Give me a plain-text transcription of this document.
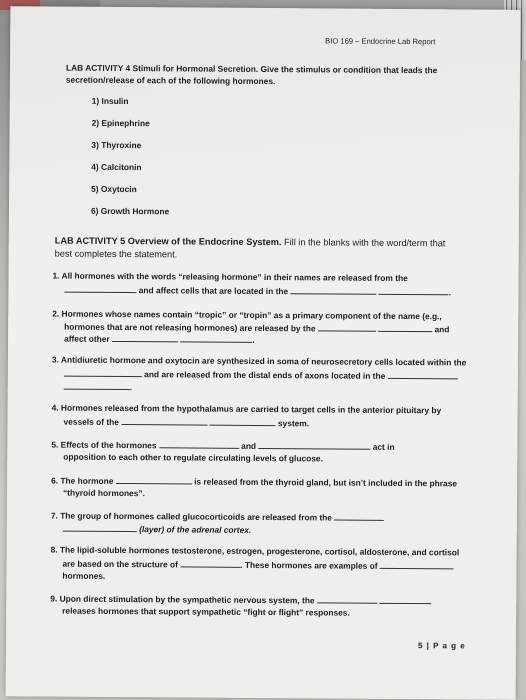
BIO 169 – Endocrine Lab Report
LAB ACTIVITY 4 Stimuli for Hormonal Secretion. Give the stimulus or condition that leads the
secretion/release of each of the following hormones.
1) Insulin
2) Epinephrine
3) Thyroxine
4) Calcitonin
5) Oxytocin
6) Growth Hormone
LAB ACTIVITY 5 Overview of the Endocrine System. Fill in the blanks with the word/term that
best completes the statement.
1. All hormones with the words “releasing hormone” in their names are released from the
and affect cells that are located in the	.
2. Hormones whose names contain “tropic” or “tropin” as a primary component of the name (e.g.,
hormones that are not releasing hormones) are released by the	and
affect other	.
3. Antidiuretic hormone and oxytocin are synthesized in soma of neurosecretory cells located within the
and are released from the distal ends of axons located in the
.
4. Hormones released from the hypothalamus are carried to target cells in the anterior pituitary by
vessels of the	system.
5. Effects of the hormones	and	act in
opposition to each other to regulate circulating levels of glucose.
6. The hormone	is released from the thyroid gland, but isn’t included in the phrase
“thyroid hormones”.
7. The group of hormones called glucocorticoids are released from the
(layer) of the adrenal cortex.
8. The lipid-soluble hormones testosterone, estrogen, progesterone, cortisol, aldosterone, and cortisol
are based on the structure of	. These hormones are examples of
hormones.
9. Upon direct stimulation by the sympathetic nervous system, the
releases hormones that support sympathetic “fight or flight” responses.
5 | P a g e
